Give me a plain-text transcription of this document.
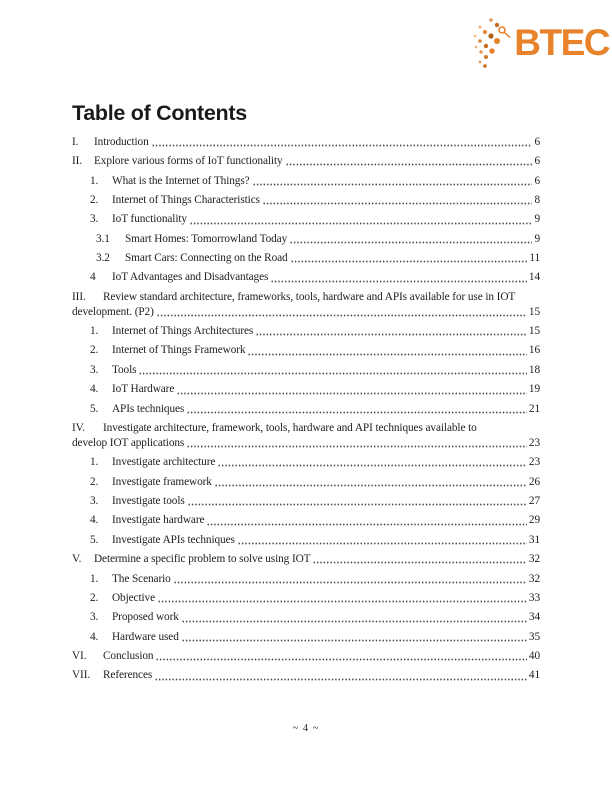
BTEC
Table of Contents
I.	Introduction	6
II.	Explore various forms of IoT functionality	6
1.	What is the Internet of Things?	6
2.	Internet of Things Characteristics	8
3.	IoT functionality	9
3.1	Smart Homes: Tomorrowland Today	9
3.2	Smart Cars: Connecting on the Road	11
4	IoT Advantages and Disadvantages	14
III.	Review standard architecture, frameworks, tools, hardware and APIs available for use in IOT
development. (P2)	15
1.	Internet of Things Architectures	15
2.	Internet of Things Framework	16
3.	Tools	18
4.	IoT Hardware	19
5.	APIs techniques	21
IV.	Investigate architecture, framework, tools, hardware and API techniques available to
develop IOT applications	23
1.	Investigate architecture	23
2.	Investigate framework	26
3.	Investigate tools	27
4.	Investigate hardware	29
5.	Investigate APIs techniques	31
V.	Determine a specific problem to solve using IOT	32
1.	The Scenario	32
2.	Objective	33
3.	Proposed work	34
4.	Hardware used	35
VI.	Conclusion	40
VII.	References	41
~ 4 ~
